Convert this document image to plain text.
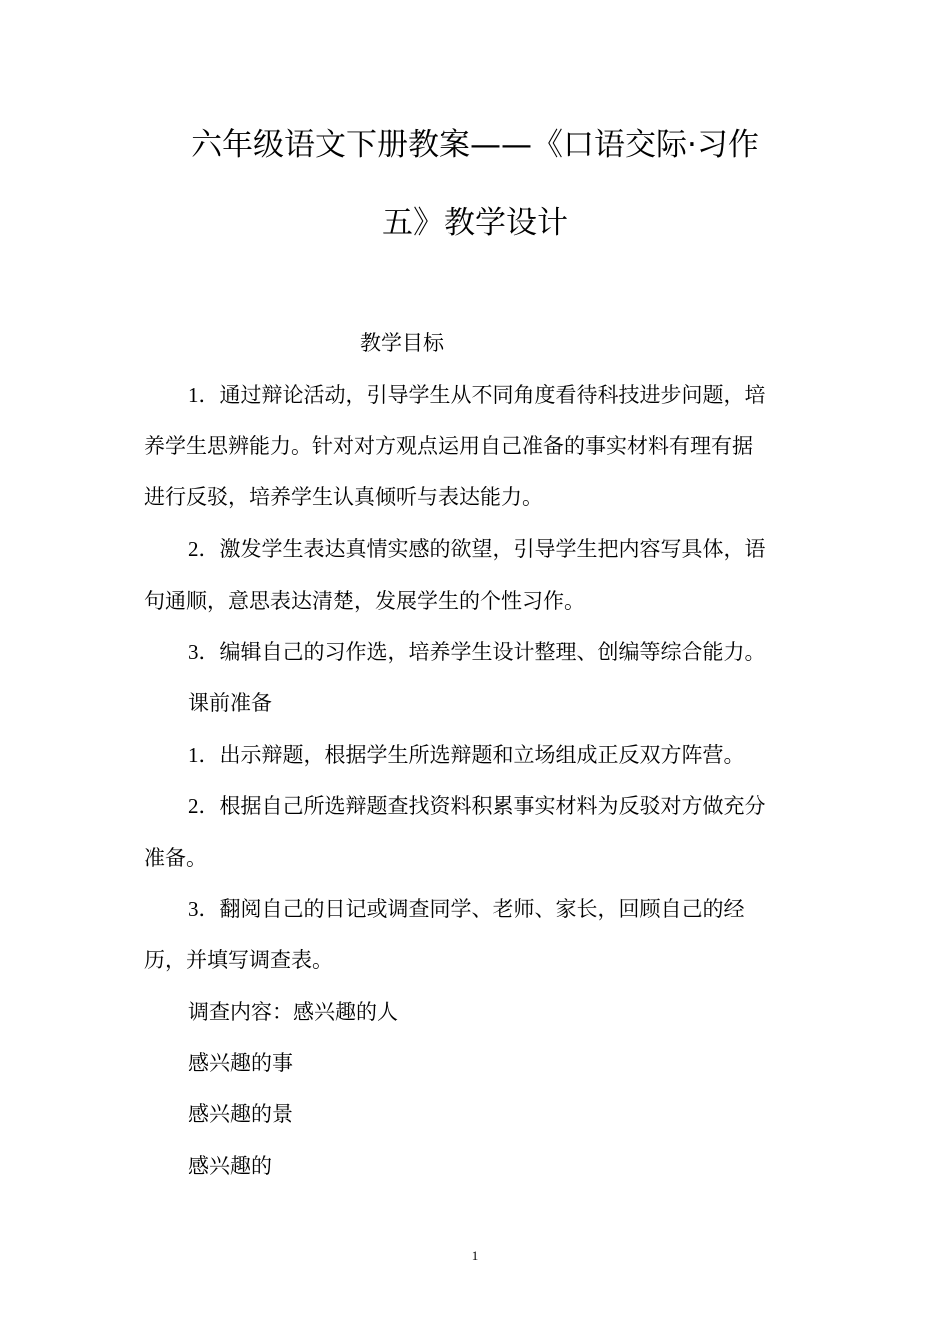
六年级语文下册教案——《口语交际·习作
五》教学设计
教学目标
1．通过辩论活动，引导学生从不同角度看待科技进步问题，培
养学生思辨能力。针对对方观点运用自己准备的事实材料有理有据
进行反驳，培养学生认真倾听与表达能力。
2．激发学生表达真情实感的欲望，引导学生把内容写具体，语
句通顺，意思表达清楚，发展学生的个性习作。
3．编辑自己的习作选，培养学生设计整理、创编等综合能力。
课前准备
1．出示辩题，根据学生所选辩题和立场组成正反双方阵营。
2．根据自己所选辩题查找资料积累事实材料为反驳对方做充分
准备。
3．翻阅自己的日记或调查同学、老师、家长，回顾自己的经
历，并填写调查表。
调查内容：感兴趣的人
感兴趣的事
感兴趣的景
感兴趣的
1
